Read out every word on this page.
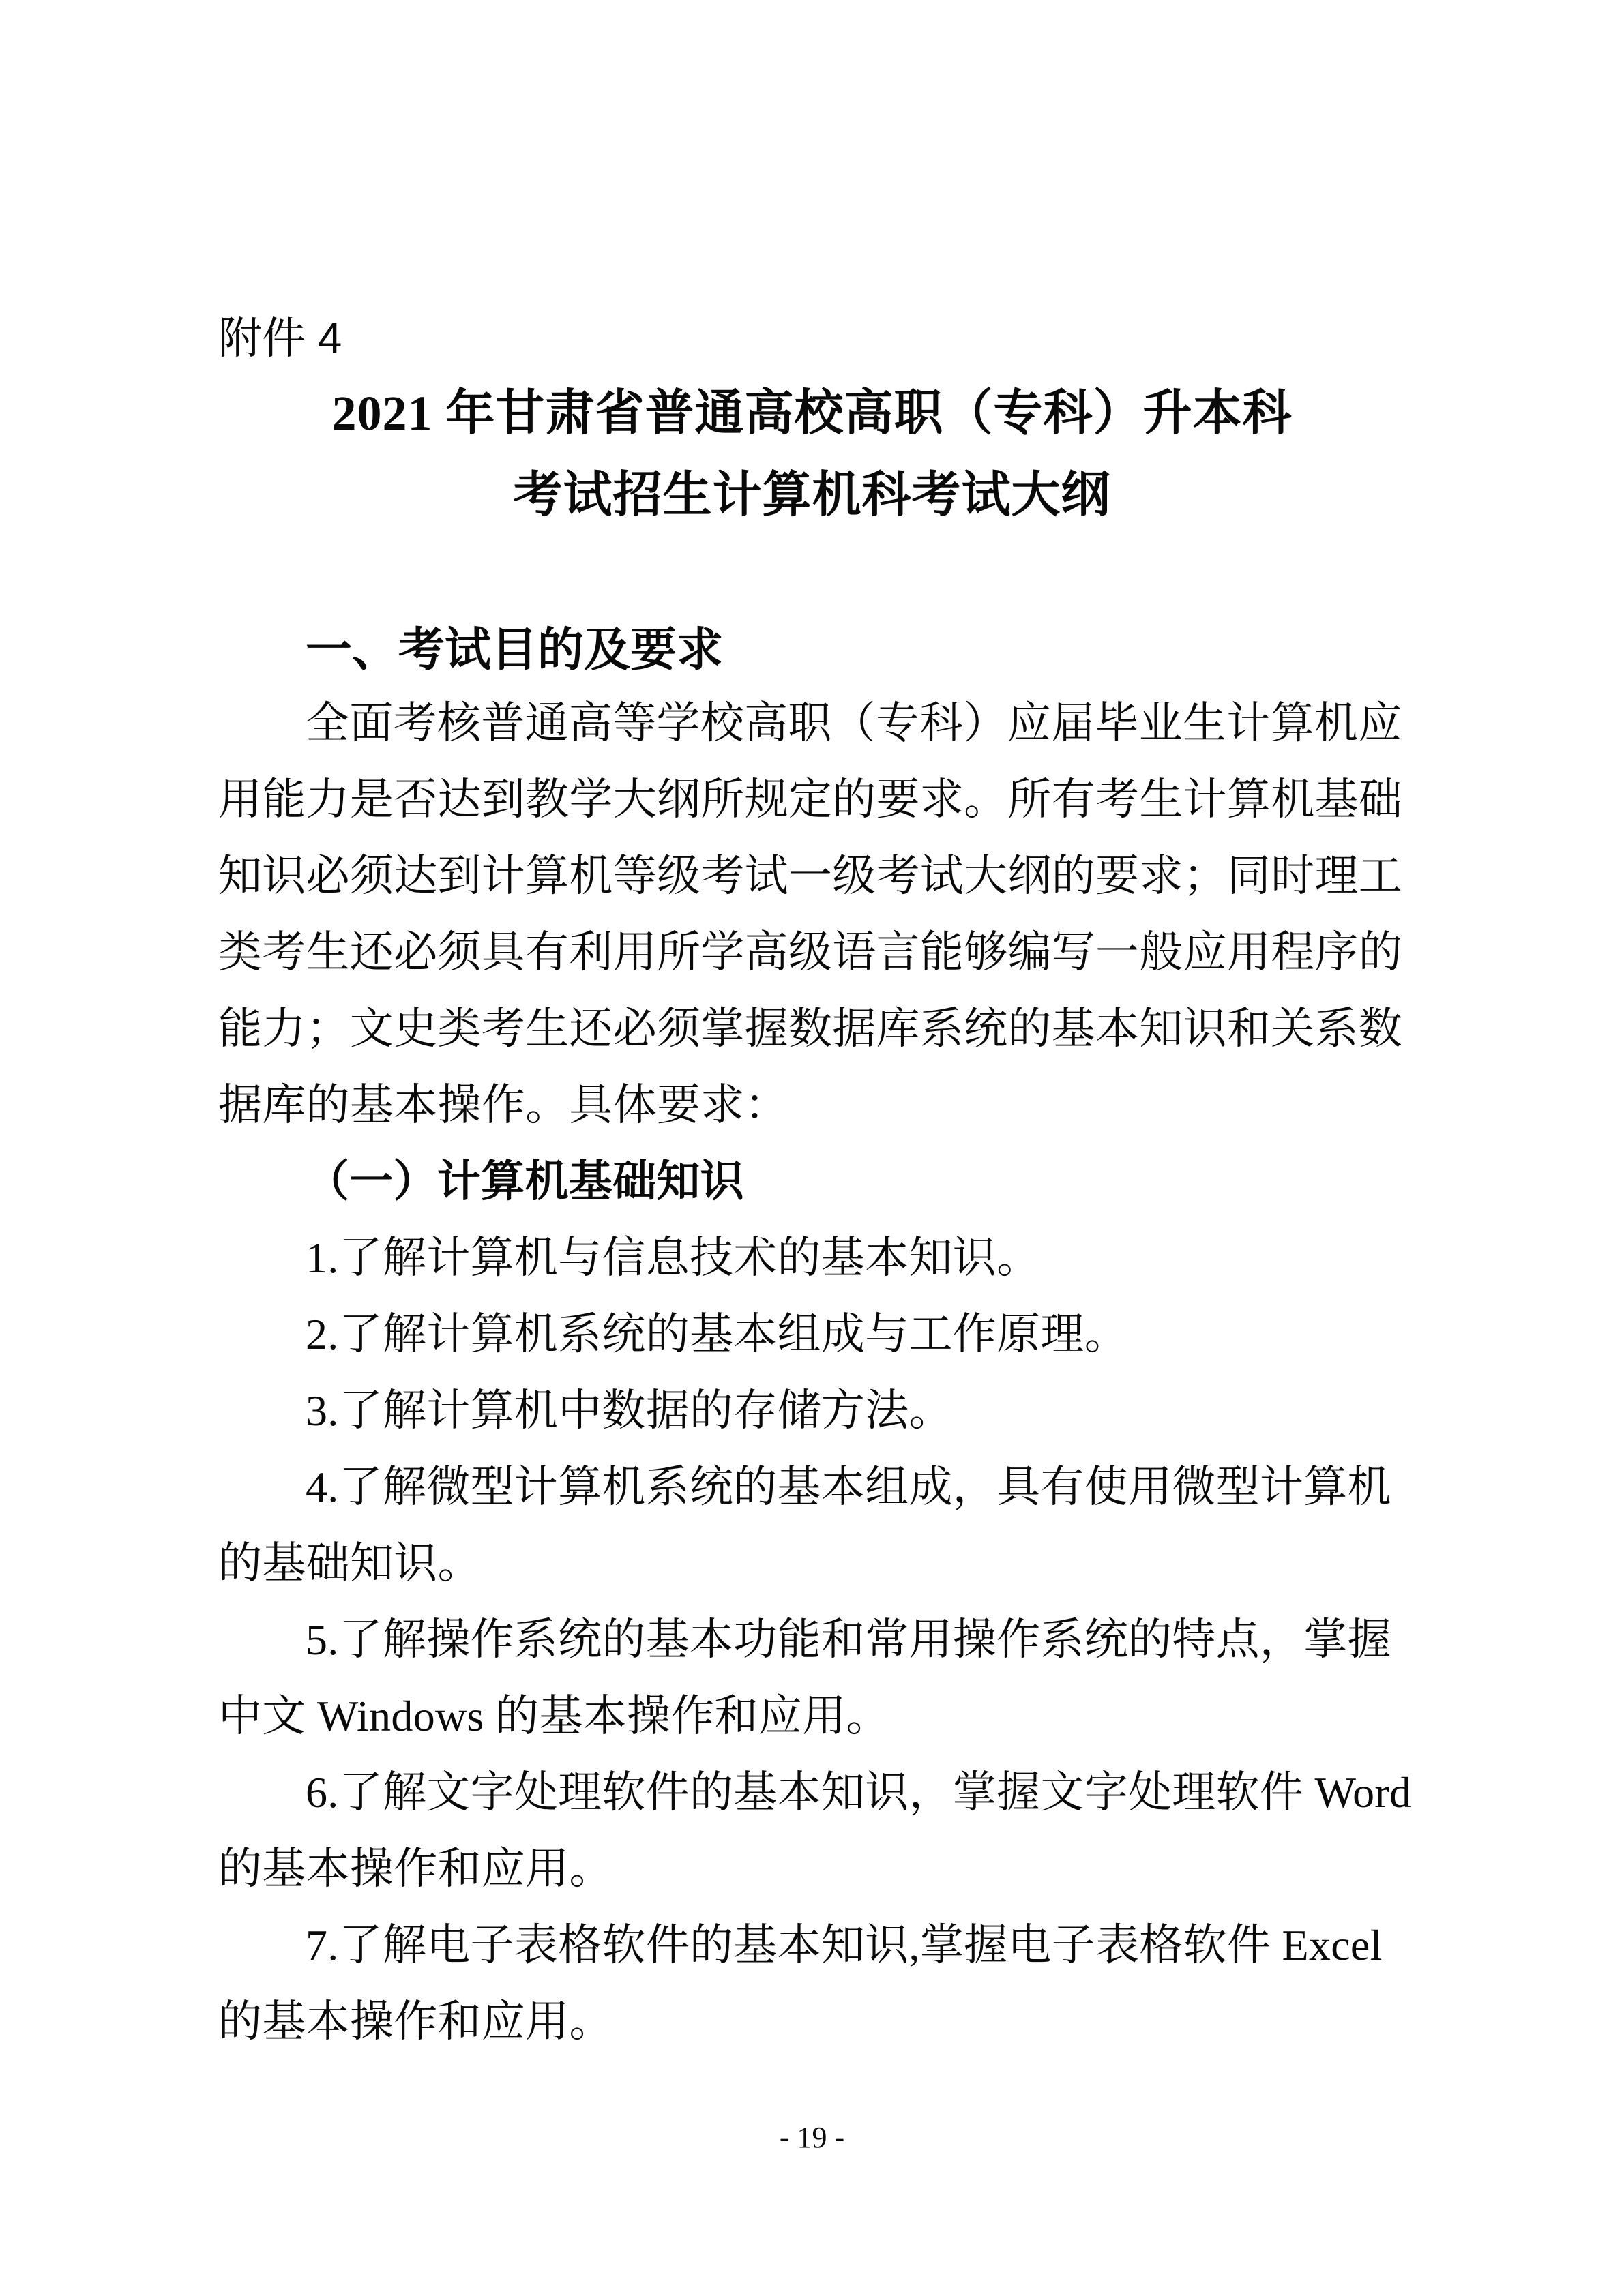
附件 4
2021 年甘肃省普通高校高职（专科）升本科
考试招生计算机科考试大纲
一、考试目的及要求
全面考核普通高等学校高职（专科）应届毕业生计算机应
用能力是否达到教学大纲所规定的要求。所有考生计算机基础
知识必须达到计算机等级考试一级考试大纲的要求；同时理工
类考生还必须具有利用所学高级语言能够编写一般应用程序的
能力；文史类考生还必须掌握数据库系统的基本知识和关系数
据库的基本操作。具体要求：
（一）计算机基础知识
1.了解计算机与信息技术的基本知识。
2.了解计算机系统的基本组成与工作原理。
3.了解计算机中数据的存储方法。
4.了解微型计算机系统的基本组成，具有使用微型计算机
的基础知识。
5.了解操作系统的基本功能和常用操作系统的特点，掌握
中文 Windows 的基本操作和应用。
6.了解文字处理软件的基本知识，掌握文字处理软件 Word
的基本操作和应用。
7.了解电子表格软件的基本知识,掌握电子表格软件 Excel
的基本操作和应用。
- 19 -
